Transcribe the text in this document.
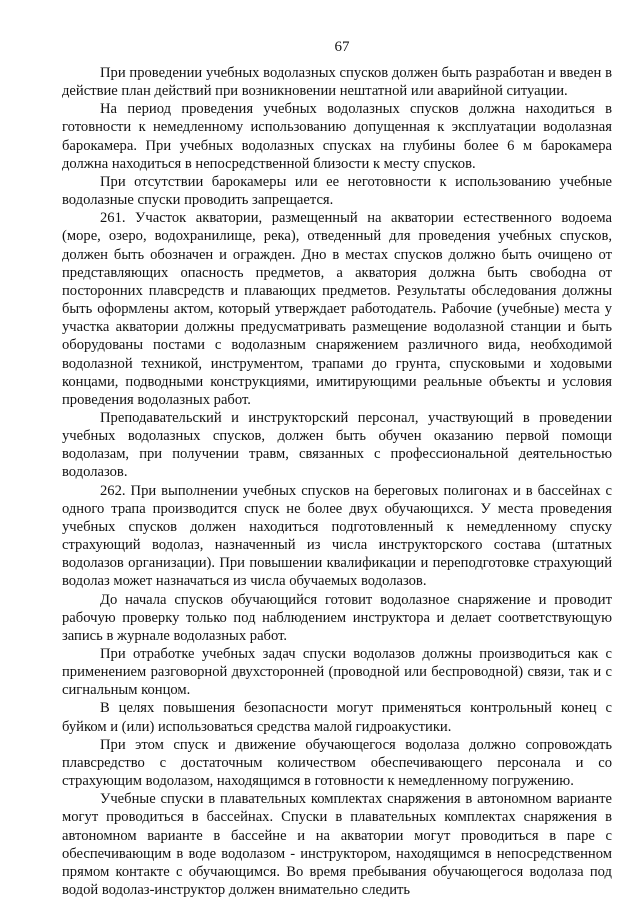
67

При проведении учебных водолазных спусков должен быть разработан и введен в действие план действий при возникновении нештатной или аварийной ситуации.

На период проведения учебных водолазных спусков должна находиться в готовности к немедленному использованию допущенная к эксплуатации водолазная барокамера. При учебных водолазных спусках на глубины более 6 м барокамера должна находиться в непосредственной близости к месту спусков.

При отсутствии барокамеры или ее неготовности к использованию учебные водолазные спуски проводить запрещается.

261. Участок акватории, размещенный на акватории естественного водоема (море, озеро, водохранилище, река), отведенный для проведения учебных спусков, должен быть обозначен и огражден. Дно в местах спусков должно быть очищено от представляющих опасность предметов, а акватория должна быть свободна от посторонних плавсредств и плавающих предметов. Результаты обследования должны быть оформлены актом, который утверждает работодатель. Рабочие (учебные) места у участка акватории должны предусматривать размещение водолазной станции и быть оборудованы постами с водолазным снаряжением различного вида, необходимой водолазной техникой, инструментом, трапами до грунта, спусковыми и ходовыми концами, подводными конструкциями, имитирующими реальные объекты и условия проведения водолазных работ.

Преподавательский и инструкторский персонал, участвующий в проведении учебных водолазных спусков, должен быть обучен оказанию первой помощи водолазам, при получении травм, связанных с профессиональной деятельностью водолазов.

262. При выполнении учебных спусков на береговых полигонах и в бассейнах с одного трапа производится спуск не более двух обучающихся. У места проведения учебных спусков должен находиться подготовленный к немедленному спуску страхующий водолаз, назначенный из числа инструкторского состава (штатных водолазов организации). При повышении квалификации и переподготовке страхующий водолаз может назначаться из числа обучаемых водолазов.

До начала спусков обучающийся готовит водолазное снаряжение и проводит рабочую проверку только под наблюдением инструктора и делает соответствующую запись в журнале водолазных работ.

При отработке учебных задач спуски водолазов должны производиться как с применением разговорной двухсторонней (проводной или беспроводной) связи, так и с сигнальным концом.

В целях повышения безопасности могут применяться контрольный конец с буйком и (или) использоваться средства малой гидроакустики.

При этом спуск и движение обучающегося водолаза должно сопровождать плавсредство с достаточным количеством обеспечивающего персонала и со страхующим водолазом, находящимся в готовности к немедленному погружению.

Учебные спуски в плавательных комплектах снаряжения в автономном варианте могут проводиться в бассейнах. Спуски в плавательных комплектах снаряжения в автономном варианте в бассейне и на акватории могут проводиться в паре с обеспечивающим в воде водолазом - инструктором, находящимся в непосредственном прямом контакте с обучающимся. Во время пребывания обучающегося водолаза под водой водолаз-инструктор должен внимательно следить
